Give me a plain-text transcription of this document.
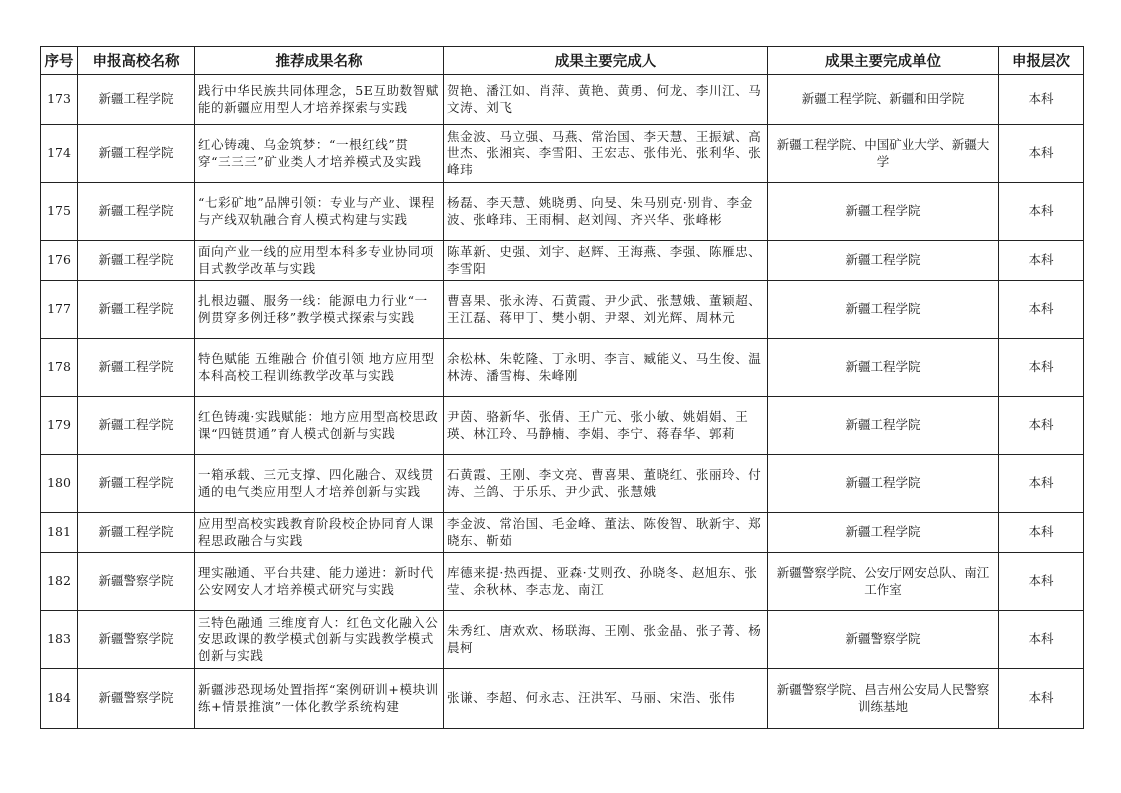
序号	申报高校名称	推荐成果名称	成果主要完成人	成果主要完成单位	申报层次
173	新疆工程学院	践行中华民族共同体理念，5E互助数智赋能的新疆应用型人才培养探索与实践	贺艳、潘江如、肖萍、黄艳、黄勇、何龙、李川江、马文涛、刘飞	新疆工程学院、新疆和田学院	本科
174	新疆工程学院	红心铸魂、乌金筑梦：“一根红线”贯穿“三三三”矿业类人才培养模式及实践	焦金波、马立强、马燕、常治国、李天慧、王振斌、高世杰、张湘宾、李雪阳、王宏志、张伟光、张利华、张峰玮	新疆工程学院、中国矿业大学、新疆大学	本科
175	新疆工程学院	“七彩矿地”品牌引领：专业与产业、课程与产线双轨融合育人模式构建与实践	杨磊、李天慧、姚晓勇、向旻、朱马别克·别肯、李金波、张峰玮、王雨桐、赵刘闯、齐兴华、张峰彬	新疆工程学院	本科
176	新疆工程学院	面向产业一线的应用型本科多专业协同项目式教学改革与实践	陈革新、史强、刘宇、赵辉、王海燕、李强、陈雁忠、李雪阳	新疆工程学院	本科
177	新疆工程学院	扎根边疆、服务一线：能源电力行业“一例贯穿多例迁移”教学模式探索与实践	曹喜果、张永涛、石黄霞、尹少武、张慧娥、董颖超、王江磊、蒋甲丁、樊小朝、尹翠、刘光辉、周林元	新疆工程学院	本科
178	新疆工程学院	特色赋能 五维融合 价值引领 地方应用型本科高校工程训练教学改革与实践	余松林、朱乾隆、丁永明、李言、臧能义、马生俊、温林涛、潘雪梅、朱峰刚	新疆工程学院	本科
179	新疆工程学院	红色铸魂·实践赋能：地方应用型高校思政课“四链贯通”育人模式创新与实践	尹茵、骆新华、张倩、王广元、张小敏、姚娟娟、王瑛、林江玲、马静楠、李娟、李宁、蒋春华、郭莉	新疆工程学院	本科
180	新疆工程学院	一箱承载、三元支撑、四化融合、双线贯通的电气类应用型人才培养创新与实践	石黄霞、王刚、李文亮、曹喜果、董晓红、张丽玲、付涛、兰鸽、于乐乐、尹少武、张慧娥	新疆工程学院	本科
181	新疆工程学院	应用型高校实践教育阶段校企协同育人课程思政融合与实践	李金波、常治国、毛金峰、董法、陈俊智、耿新宇、郑晓东、靳茹	新疆工程学院	本科
182	新疆警察学院	理实融通、平台共建、能力递进：新时代公安网安人才培养模式研究与实践	库德来提·热西提、亚森·艾则孜、孙晓冬、赵旭东、张莹、余秋林、李志龙、南江	新疆警察学院、公安厅网安总队、南江工作室	本科
183	新疆警察学院	三特色融通 三维度育人：红色文化融入公安思政课的教学模式创新与实践教学模式创新与实践	朱秀红、唐欢欢、杨联海、王刚、张金晶、张子菁、杨晨柯	新疆警察学院	本科
184	新疆警察学院	新疆涉恐现场处置指挥“案例研训+模块训练+情景推演”一体化教学系统构建	张谦、李超、何永志、汪洪军、马丽、宋浩、张伟	新疆警察学院、昌吉州公安局人民警察训练基地	本科
